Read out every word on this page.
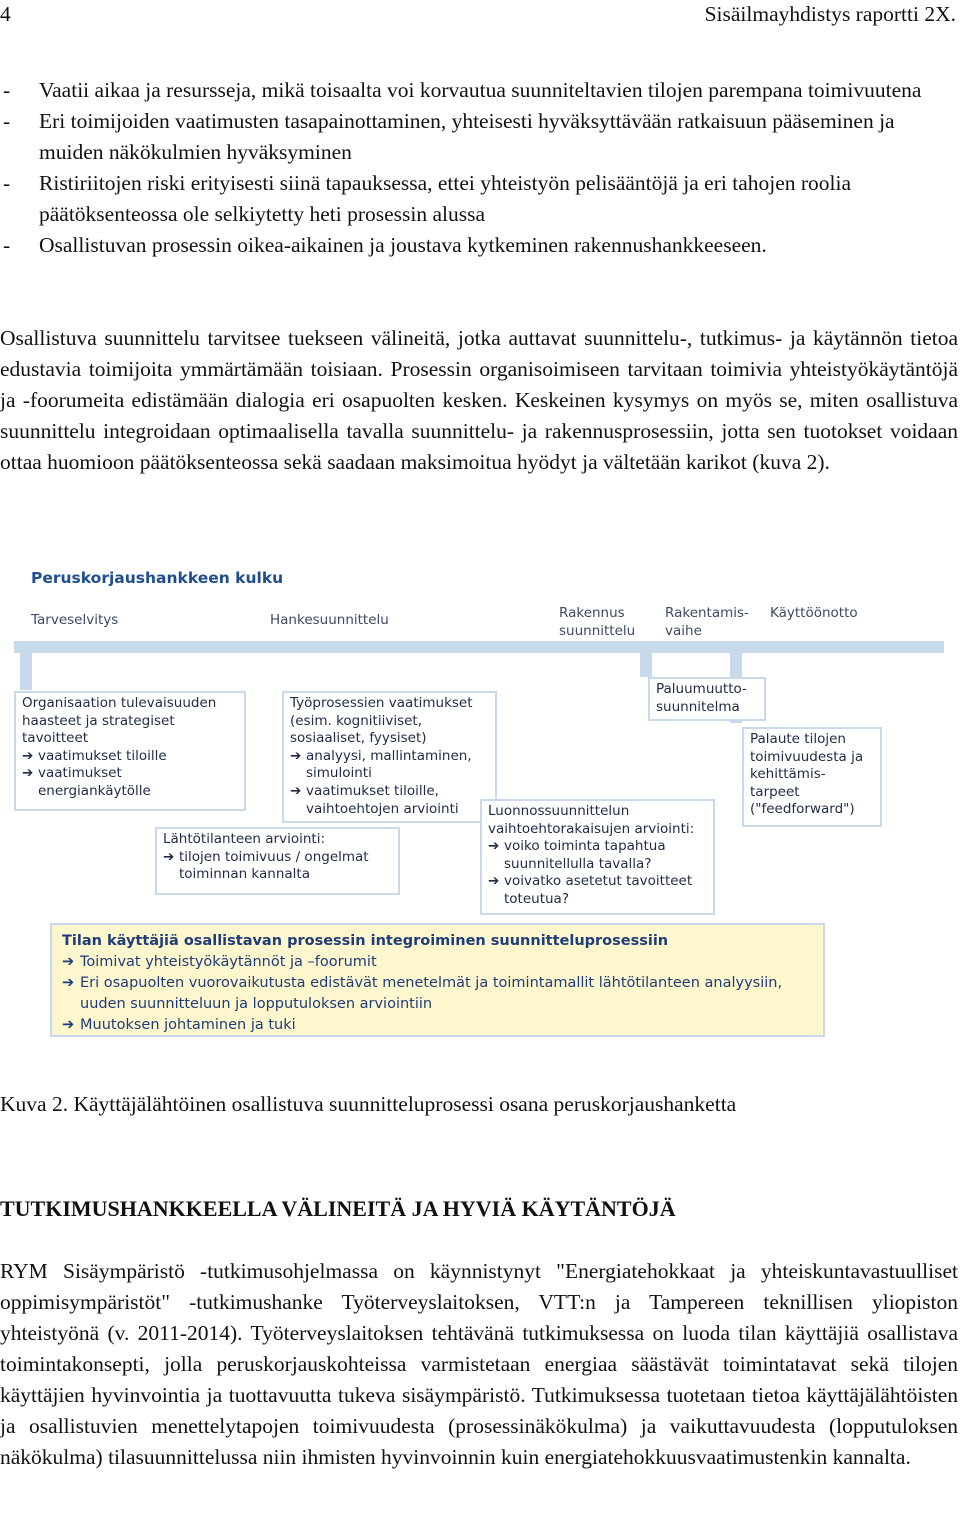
4	Sisäilmayhdistys raportti 2X.
- Vaatii aikaa ja resursseja, mikä toisaalta voi korvautua suunniteltavien tilojen parempana toimivuutena
- Eri toimijoiden vaatimusten tasapainottaminen, yhteisesti hyväksyttävään ratkaisuun pääseminen ja muiden näkökulmien hyväksyminen
- Ristiriitojen riski erityisesti siinä tapauksessa, ettei yhteistyön pelisääntöjä ja eri tahojen roolia päätöksenteossa ole selkiytetty heti prosessin alussa
- Osallistuvan prosessin oikea-aikainen ja joustava kytkeminen rakennushankkeeseen.

Osallistuva suunnittelu tarvitsee tuekseen välineitä, jotka auttavat suunnittelu-, tutkimus- ja käytännön tietoa edustavia toimijoita ymmärtämään toisiaan. Prosessin organisoimiseen tarvitaan toimivia yhteistyökäytäntöjä ja -foorumeita edistämään dialogia eri osapuolten kesken. Keskeinen kysymys on myös se, miten osallistuva suunnittelu integroidaan optimaalisella tavalla suunnittelu- ja rakennusprosessiin, jotta sen tuotokset voidaan ottaa huomioon päätöksenteossa sekä saadaan maksimoitua hyödyt ja vältetään karikot (kuva 2).

Peruskorjaushankkeen kulku
Tarveselvitys	Hankesuunnittelu	Rakennus suunnittelu
Rakentamis- vaihe
Käyttöönotto
Organisaation tulevaisuuden haasteet ja strategiset tavoitteet
➔ vaatimukset tiloille
➔ vaatimukset energiankäytölle
Työprosessien vaatimukset (esim. kognitiiviset, sosiaaliset, fyysiset)
➔ analyysi, mallintaminen, simulointi
➔ vaatimukset tiloille, vaihtoehtojen arviointi
Lähtötilanteen arviointi:
➔ tilojen toimivuus / ongelmat toiminnan kannalta
Luonnossuunnittelun vaihtoehtorakaisujen arviointi:
➔ voiko toiminta tapahtua suunnitellulla tavalla?
➔ voivatko asetetut tavoitteet toteutua?
Paluumuutto-suunnitelma
Palaute tilojen toimivuudesta ja kehittämis-tarpeet ("feedforward")
Tilan käyttäjiä osallistavan prosessin integroiminen suunnitteluprosessiin
➔ Toimivat yhteistyökäytännöt ja –foorumit
➔ Eri osapuolten vuorovaikutusta edistävät menetelmät ja toimintamallit lähtötilanteen analyysiin, uuden suunnitteluun ja lopputuloksen arviointiin
➔ Muutoksen johtaminen ja tuki
Kuva 2. Käyttäjälähtöinen osallistuva suunnitteluprosessi osana peruskorjaushanketta
TUTKIMUSHANKKEELLA VÄLINEITÄ JA HYVIÄ KÄYTÄNTÖJÄ

RYM Sisäympäristö -tutkimusohjelmassa on käynnistynyt "Energiatehokkaat ja yhteiskuntavastuulliset oppimisympäristöt" -tutkimushanke Työterveyslaitoksen, VTT:n ja Tampereen teknillisen yliopiston yhteistyönä (v. 2011-2014). Työterveyslaitoksen tehtävänä tutkimuksessa on luoda tilan käyttäjiä osallistava toimintakonsepti, jolla peruskorjauskohteissa varmistetaan energiaa säästävät toimintatavat sekä tilojen käyttäjien hyvinvointia ja tuottavuutta tukeva sisäympäristö. Tutkimuksessa tuotetaan tietoa käyttäjälähtöisten ja osallistuvien menettelytapojen toimivuudesta (prosessinäkökulma) ja vaikuttavuudesta (lopputuloksen näkökulma) tilasuunnittelussa niin ihmisten hyvinvoinnin kuin energiatehokkuusvaatimustenkin kannalta.
